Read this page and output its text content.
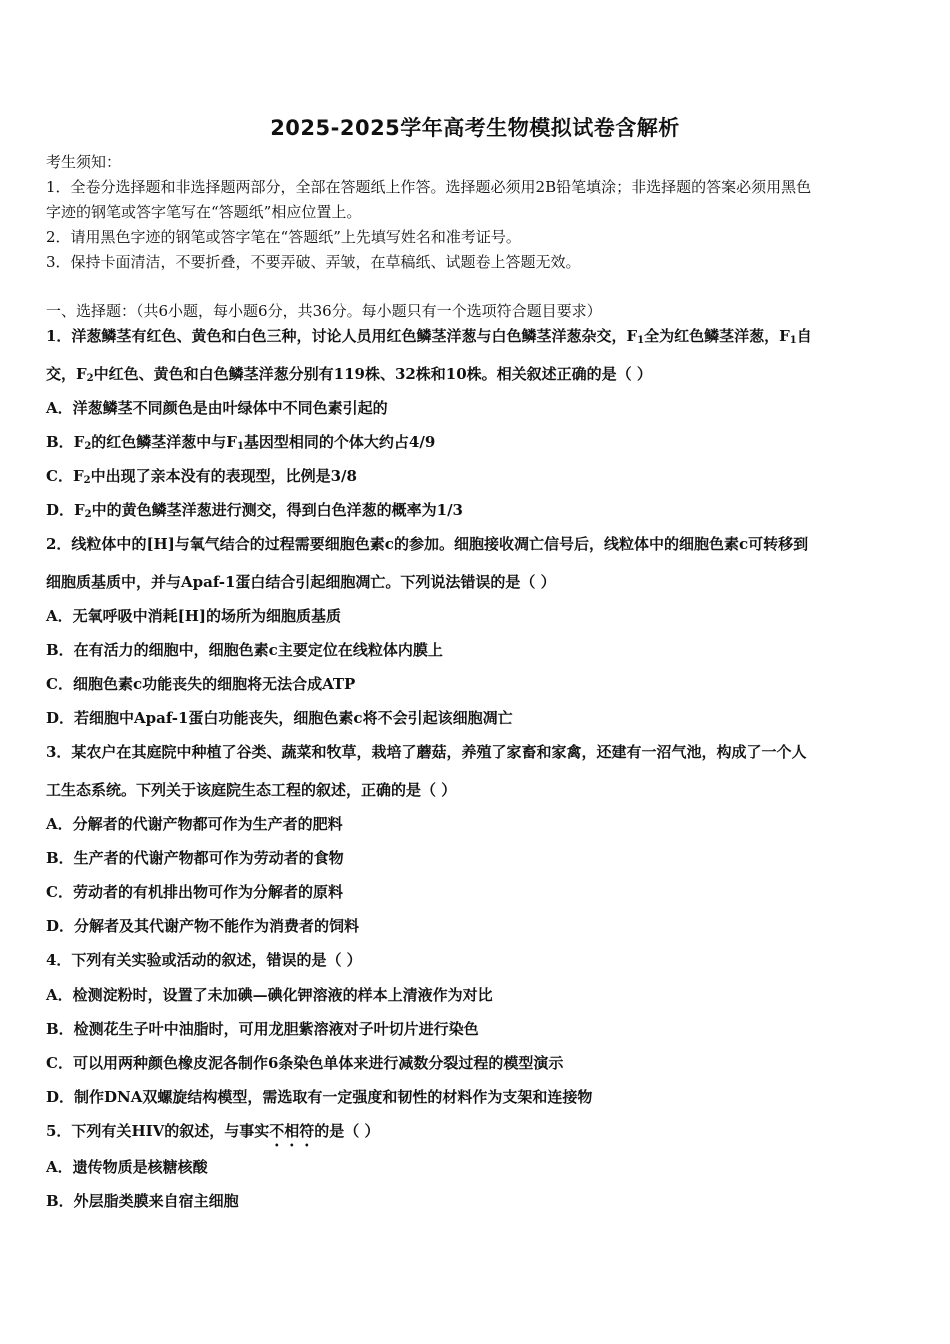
2025-2025学年高考生物模拟试卷含解析
考生须知：
1．全卷分选择题和非选择题两部分，全部在答题纸上作答。选择题必须用2B铅笔填涂；非选择题的答案必须用黑色
字迹的钢笔或答字笔写在“答题纸”相应位置上。
2．请用黑色字迹的钢笔或答字笔在“答题纸”上先填写姓名和准考证号。
3．保持卡面清洁，不要折叠，不要弄破、弄皱，在草稿纸、试题卷上答题无效。
一、选择题：（共6小题，每小题6分，共36分。每小题只有一个选项符合题目要求）
1．洋葱鳞茎有红色、黄色和白色三种，讨论人员用红色鳞茎洋葱与白色鳞茎洋葱杂交，$F_1$全为红色鳞茎洋葱，$F_1$自
交，$F_2$中红色、黄色和白色鳞茎洋葱分别有119株、32株和10株。相关叙述正确的是（ ）
A．洋葱鳞茎不同颜色是由叶绿体中不同色素引起的
B．$F_2$的红色鳞茎洋葱中与$F_1$基因型相同的个体大约占4/9
C．$F_2$中出现了亲本没有的表现型，比例是3/8
D．$F_2$中的黄色鳞茎洋葱进行测交，得到白色洋葱的概率为1/3
2．线粒体中的[H]与氧气结合的过程需要细胞色素c的参加。细胞接收凋亡信号后，线粒体中的细胞色素c可转移到
细胞质基质中，并与Apaf-1蛋白结合引起细胞凋亡。下列说法错误的是（ ）
A．无氧呼吸中消耗[H]的场所为细胞质基质
B．在有活力的细胞中，细胞色素c主要定位在线粒体内膜上
C．细胞色素c功能丧失的细胞将无法合成ATP
D．若细胞中Apaf-1蛋白功能丧失，细胞色素c将不会引起该细胞凋亡
3．某农户在其庭院中种植了谷类、蔬菜和牧草，栽培了蘑菇，养殖了家畜和家禽，还建有一沼气池，构成了一个人
工生态系统。下列关于该庭院生态工程的叙述，正确的是（ ）
A．分解者的代谢产物都可作为生产者的肥料
B．生产者的代谢产物都可作为劳动者的食物
C．劳动者的有机排出物可作为分解者的原料
D．分解者及其代谢产物不能作为消费者的饲料
4．下列有关实验或活动的叙述，错误的是（ ）
A．检测淀粉时，设置了未加碘—碘化钾溶液的样本上清液作为对比
B．检测花生子叶中油脂时，可用龙胆紫溶液对子叶切片进行染色
C．可以用两种颜色橡皮泥各制作6条染色单体来进行减数分裂过程的模型演示
D．制作DNA双螺旋结构模型，需选取有一定强度和韧性的材料作为支架和连接物
5．下列有关HIV的叙述，与事实不相符的是（ ）
A．遗传物质是核糖核酸
B．外层脂类膜来自宿主细胞
